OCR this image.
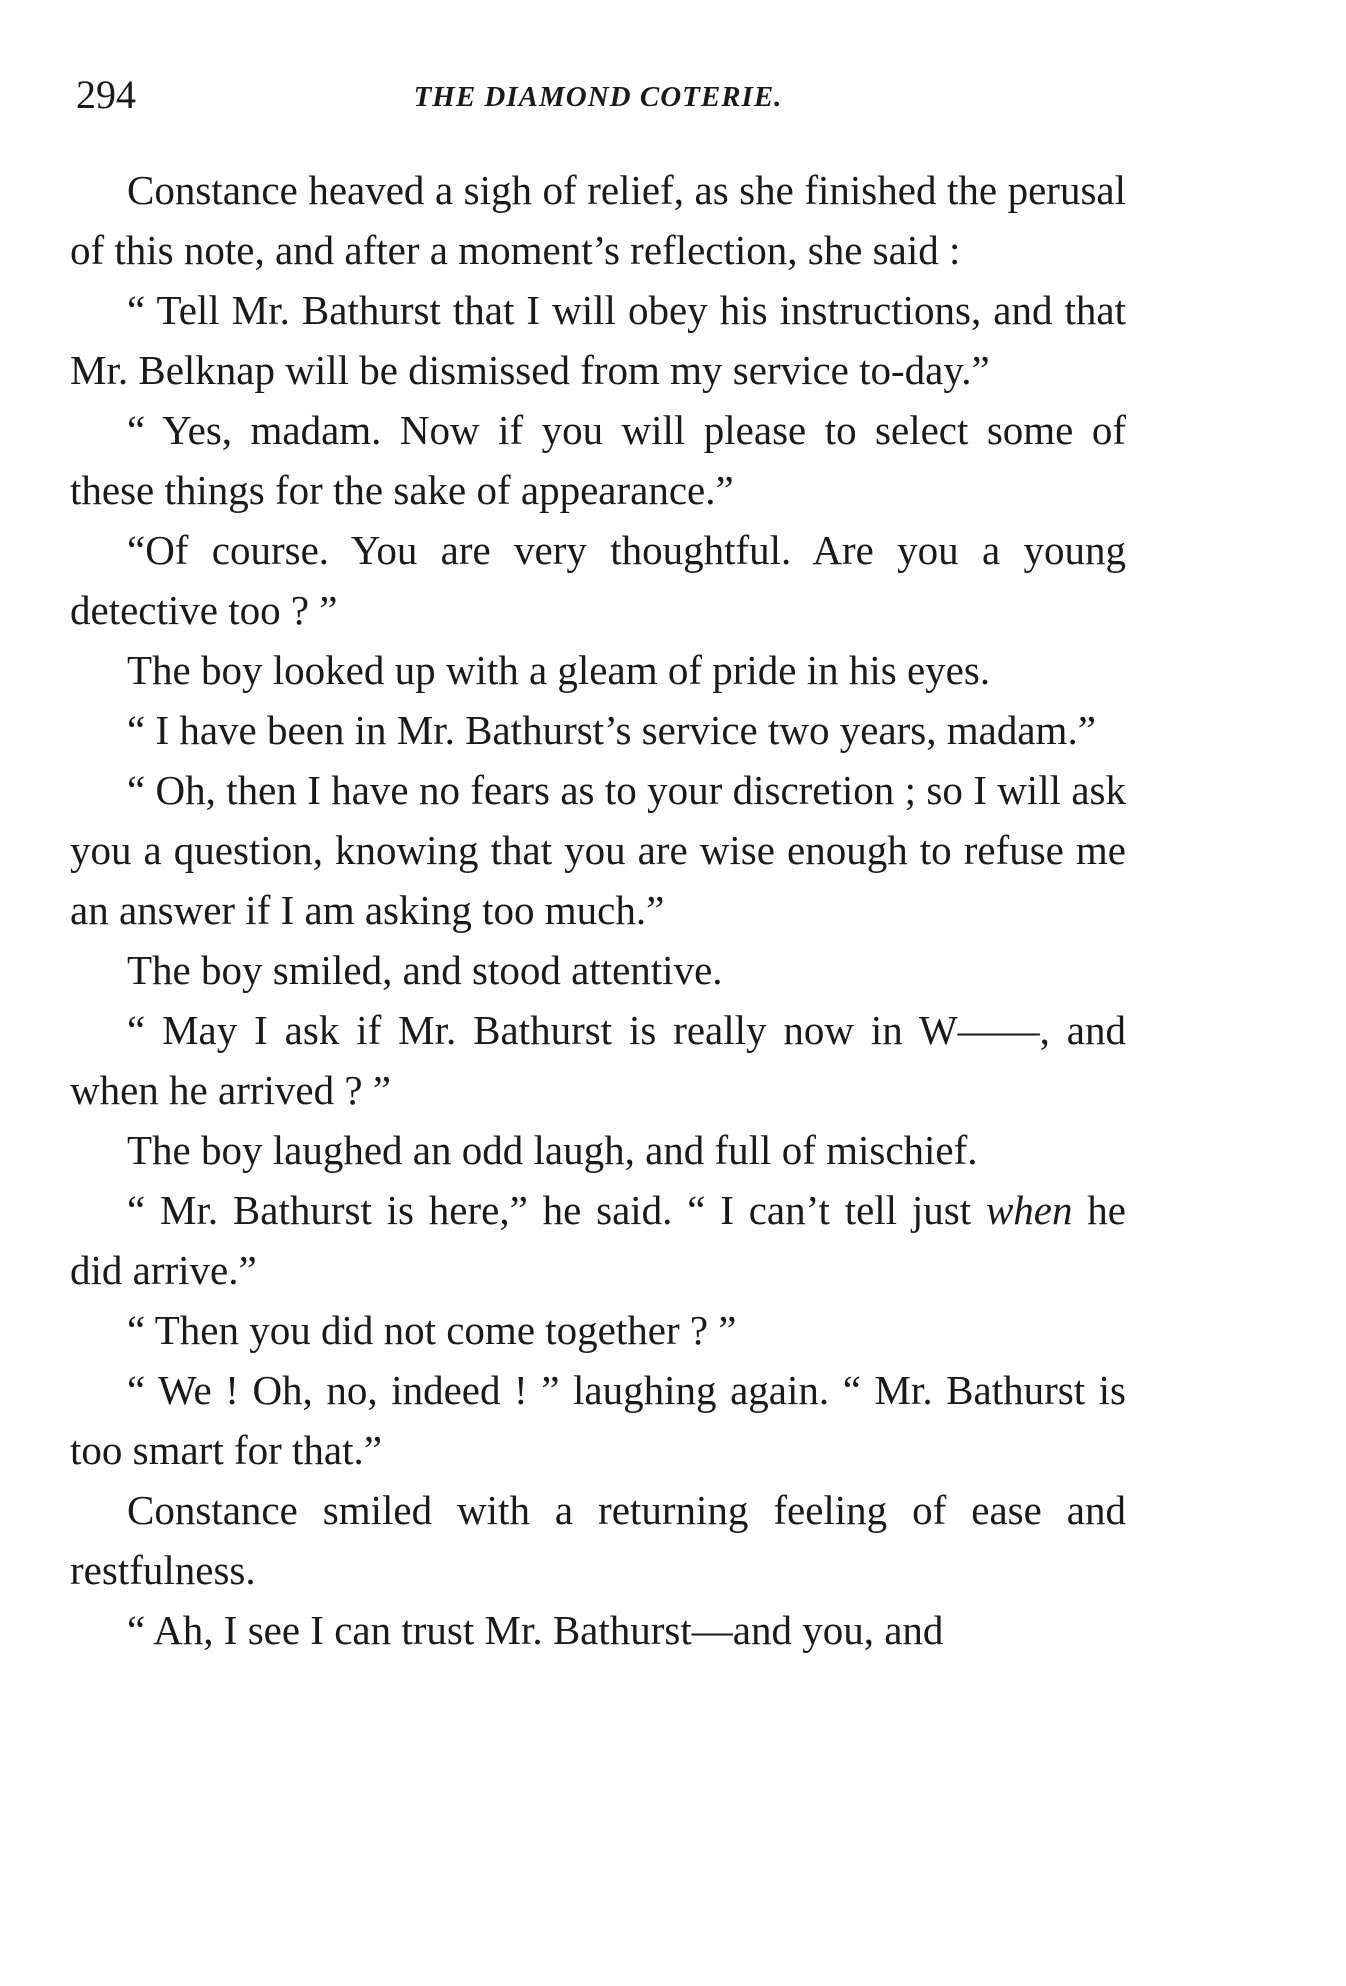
294	THE DIAMOND COTERIE.

Constance heaved a sigh of relief, as she finished the perusal of this note, and after a moment’s reflection, she said :

“ Tell Mr. Bathurst that I will obey his instructions, and that Mr. Belknap will be dismissed from my service to-day.”

“ Yes, madam. Now if you will please to select some of these things for the sake of appearance.”

“Of course. You are very thoughtful. Are you a young detective too ? ”

The boy looked up with a gleam of pride in his eyes.

“ I have been in Mr. Bathurst’s service two years, madam.”

“ Oh, then I have no fears as to your discretion ; so I will ask you a question, knowing that you are wise enough to refuse me an answer if I am asking too much.”

The boy smiled, and stood attentive.

“ May I ask if Mr. Bathurst is really now in W——, and when he arrived ? ”

The boy laughed an odd laugh, and full of mischief.

“ Mr. Bathurst is here,” he said. “ I can’t tell just when he did arrive.”

“ Then you did not come together ? ”

“ We ! Oh, no, indeed ! ” laughing again. “ Mr. Bathurst is too smart for that.”

Constance smiled with a returning feeling of ease and restfulness.

“ Ah, I see I can trust Mr. Bathurst—and you, and
